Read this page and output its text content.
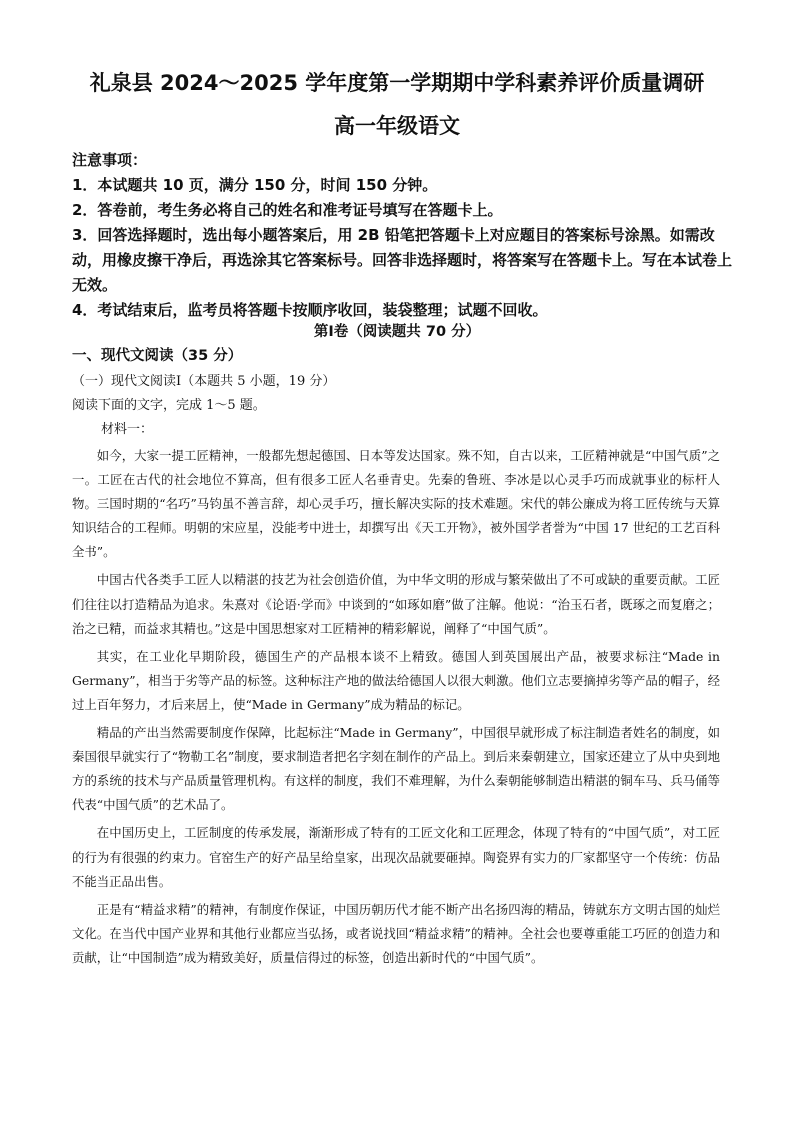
礼泉县 2024～2025 学年度第一学期期中学科素养评价质量调研
高一年级语文

注意事项：

1．本试题共 10 页，满分 150 分，时间 150 分钟。

2．答卷前，考生务必将自己的姓名和准考证号填写在答题卡上。

3．回答选择题时，选出每小题答案后，用 2B 铅笔把答题卡上对应题目的答案标号涂黑。如需改动，用橡皮擦干净后，再选涂其它答案标号。回答非选择题时，将答案写在答题卡上。写在本试卷上无效。

4．考试结束后，监考员将答题卡按顺序收回，装袋整理；试题不回收。

第Ⅰ卷（阅读题共 70 分）
一、现代文阅读（35 分）
（一）现代文阅读Ⅰ（本题共 5 小题，19 分）
阅读下面的文字，完成 1～5 题。
材料一：

如今，大家一提工匠精神，一般都先想起德国、日本等发达国家。殊不知，自古以来，工匠精神就是“中国气质”之一。工匠在古代的社会地位不算高，但有很多工匠人名垂青史。先秦的鲁班、李冰是以心灵手巧而成就事业的标杆人物。三国时期的“名巧”马钧虽不善言辞，却心灵手巧，擅长解决实际的技术难题。宋代的韩公廉成为将工匠传统与天算知识结合的工程师。明朝的宋应星，没能考中进士，却撰写出《天工开物》，被外国学者誉为“中国 17 世纪的工艺百科全书”。

中国古代各类手工匠人以精湛的技艺为社会创造价值，为中华文明的形成与繁荣做出了不可或缺的重要贡献。工匠们往往以打造精品为追求。朱熹对《论语·学而》中谈到的“如琢如磨”做了注解。他说：“治玉石者，既琢之而复磨之；治之已精，而益求其精也。”这是中国思想家对工匠精神的精彩解说，阐释了“中国气质”。

其实，在工业化早期阶段，德国生产的产品根本谈不上精致。德国人到英国展出产品，被要求标注“Made in Germany”，相当于劣等产品的标签。这种标注产地的做法给德国人以很大刺激。他们立志要摘掉劣等产品的帽子，经过上百年努力，才后来居上，使“Made in Germany”成为精品的标记。

精品的产出当然需要制度作保障，比起标注“Made in Germany”，中国很早就形成了标注制造者姓名的制度，如秦国很早就实行了“物勒工名”制度，要求制造者把名字刻在制作的产品上。到后来秦朝建立，国家还建立了从中央到地方的系统的技术与产品质量管理机构。有这样的制度，我们不难理解，为什么秦朝能够制造出精湛的铜车马、兵马俑等代表“中国气质”的艺术品了。

在中国历史上，工匠制度的传承发展，渐渐形成了特有的工匠文化和工匠理念，体现了特有的“中国气质”，对工匠的行为有很强的约束力。官窑生产的好产品呈给皇家，出现次品就要砸掉。陶瓷界有实力的厂家都坚守一个传统：仿品不能当正品出售。

正是有“精益求精”的精神，有制度作保证，中国历朝历代才能不断产出名扬四海的精品，铸就东方文明古国的灿烂文化。在当代中国产业界和其他行业都应当弘扬，或者说找回“精益求精”的精神。全社会也要尊重能工巧匠的创造力和贡献，让“中国制造”成为精致美好，质量信得过的标签，创造出新时代的“中国气质”。
